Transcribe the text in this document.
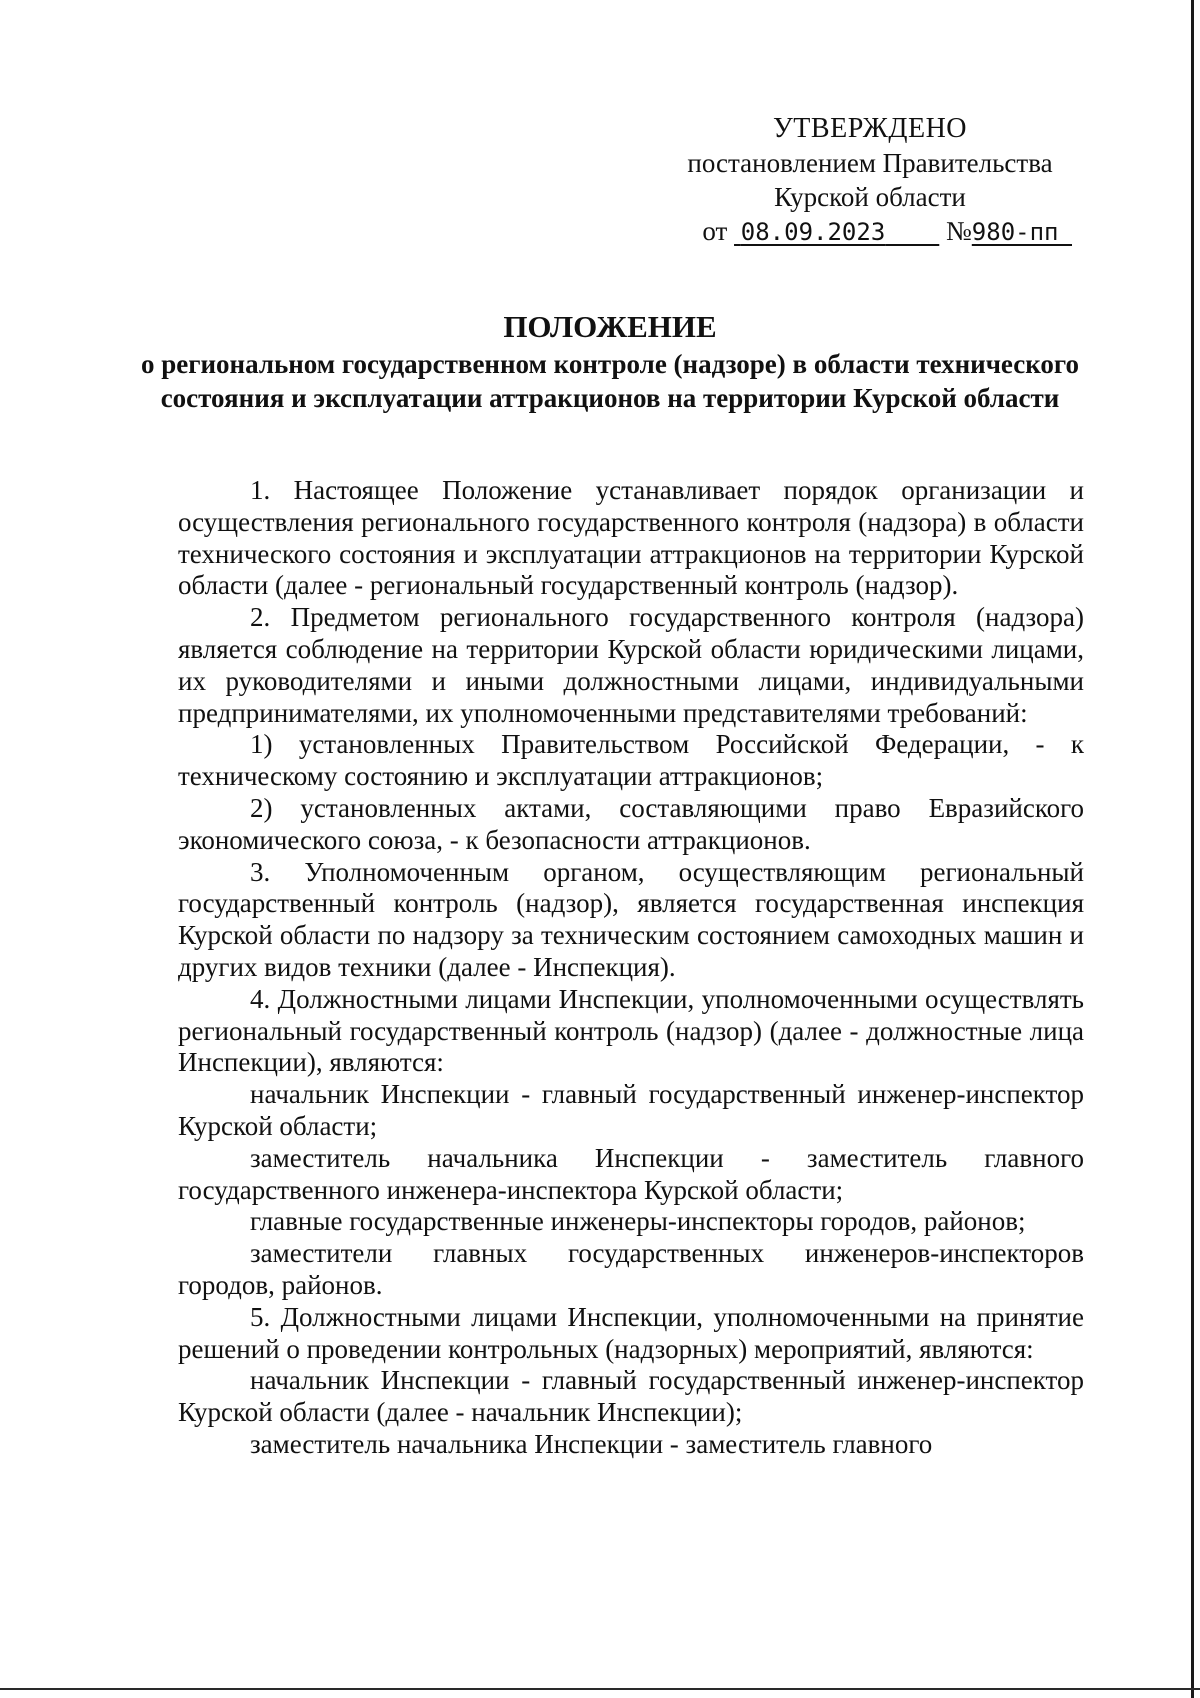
УТВЕРЖДЕНО
постановлением Правительства
Курской области
от 08.09.2023 №980-пп
ПОЛОЖЕНИЕ
о региональном государственном контроле (надзоре) в области технического состояния и эксплуатации аттракционов на территории Курской области

1. Настоящее Положение устанавливает порядок организации и осуществления регионального государственного контроля (надзора) в области технического состояния и эксплуатации аттракционов на территории Курской области (далее - региональный государственный контроль (надзор).

2. Предметом регионального государственного контроля (надзора) является соблюдение на территории Курской области юридическими лицами, их руководителями и иными должностными лицами, индивидуальными предпринимателями, их уполномоченными представителями требований:

1) установленных Правительством Российской Федерации, - к техническому состоянию и эксплуатации аттракционов;

2) установленных актами, составляющими право Евразийского экономического союза, - к безопасности аттракционов.

3. Уполномоченным органом, осуществляющим региональный государственный контроль (надзор), является государственная инспекция Курской области по надзору за техническим состоянием самоходных машин и других видов техники (далее - Инспекция).

4. Должностными лицами Инспекции, уполномоченными осуществлять региональный государственный контроль (надзор) (далее - должностные лица Инспекции), являются:

начальник Инспекции - главный государственный инженер-инспектор Курской области;

заместитель начальника Инспекции - заместитель главного государственного инженера-инспектора Курской области;

главные государственные инженеры-инспекторы городов, районов;

заместители главных государственных инженеров-инспекторов городов, районов.

5. Должностными лицами Инспекции, уполномоченными на принятие решений о проведении контрольных (надзорных) мероприятий, являются:

начальник Инспекции - главный государственный инженер-инспектор Курской области (далее - начальник Инспекции);

заместитель начальника Инспекции - заместитель главного
